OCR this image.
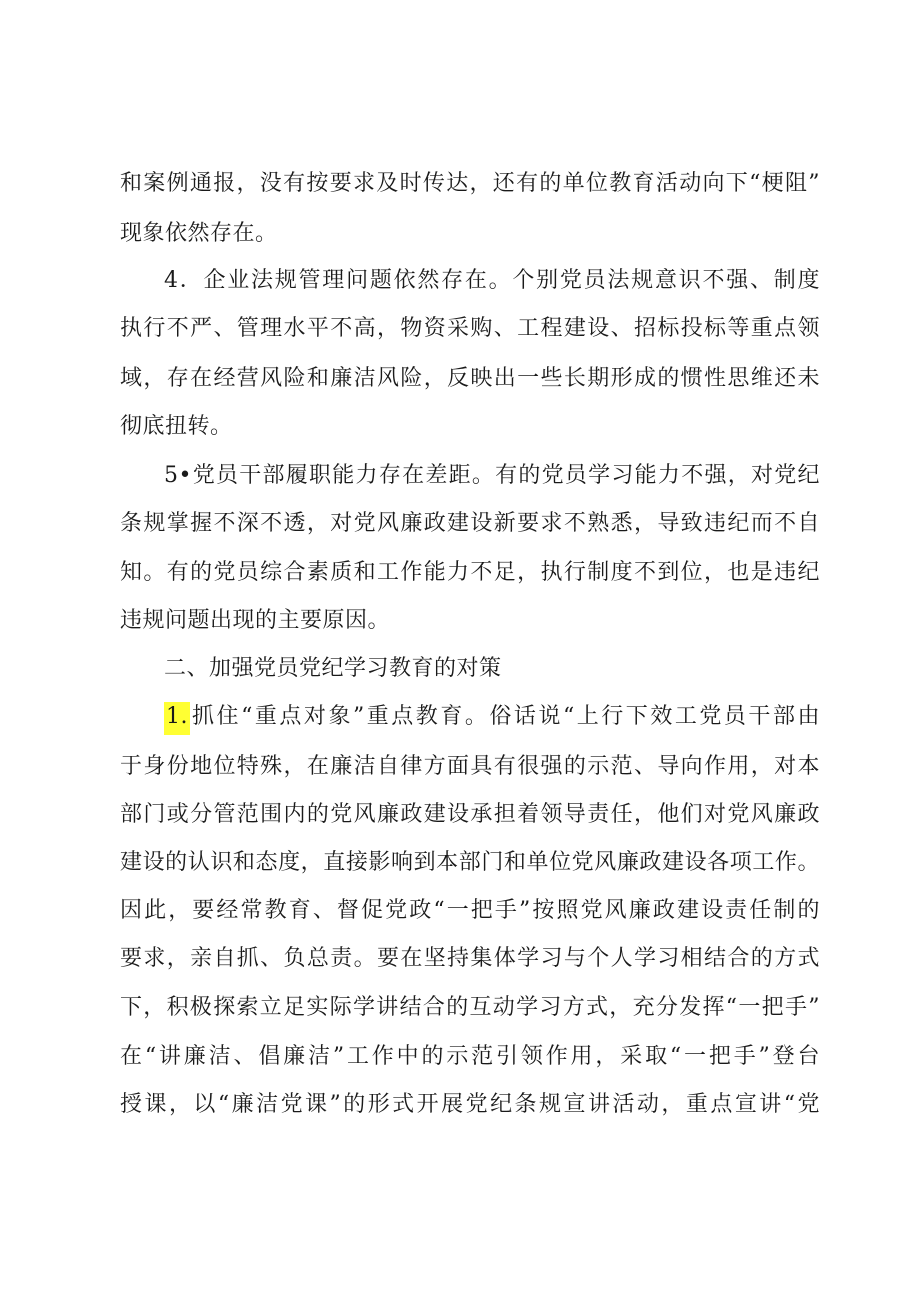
和案例通报，没有按要求及时传达，还有的单位教育活动向下“梗阻”
现象依然存在。
4．企业法规管理问题依然存在。个别党员法规意识不强、制度
执行不严、管理水平不高，物资采购、工程建设、招标投标等重点领
域，存在经营风险和廉洁风险，反映出一些长期形成的惯性思维还未
彻底扭转。
5•党员干部履职能力存在差距。有的党员学习能力不强，对党纪
条规掌握不深不透，对党风廉政建设新要求不熟悉，导致违纪而不自
知。有的党员综合素质和工作能力不足，执行制度不到位，也是违纪
违规问题出现的主要原因。
二、加强党员党纪学习教育的对策
1.抓住“重点对象”重点教育。俗话说“上行下效工党员干部由
于身份地位特殊，在廉洁自律方面具有很强的示范、导向作用，对本
部门或分管范围内的党风廉政建设承担着领导责任，他们对党风廉政
建设的认识和态度，直接影响到本部门和单位党风廉政建设各项工作。
因此，要经常教育、督促党政“一把手”按照党风廉政建设责任制的
要求，亲自抓、负总责。要在坚持集体学习与个人学习相结合的方式
下，积极探索立足实际学讲结合的互动学习方式，充分发挥“一把手”
在“讲廉洁、倡廉洁”工作中的示范引领作用，采取“一把手”登台
授课，以“廉洁党课”的形式开展党纪条规宣讲活动，重点宣讲“党
